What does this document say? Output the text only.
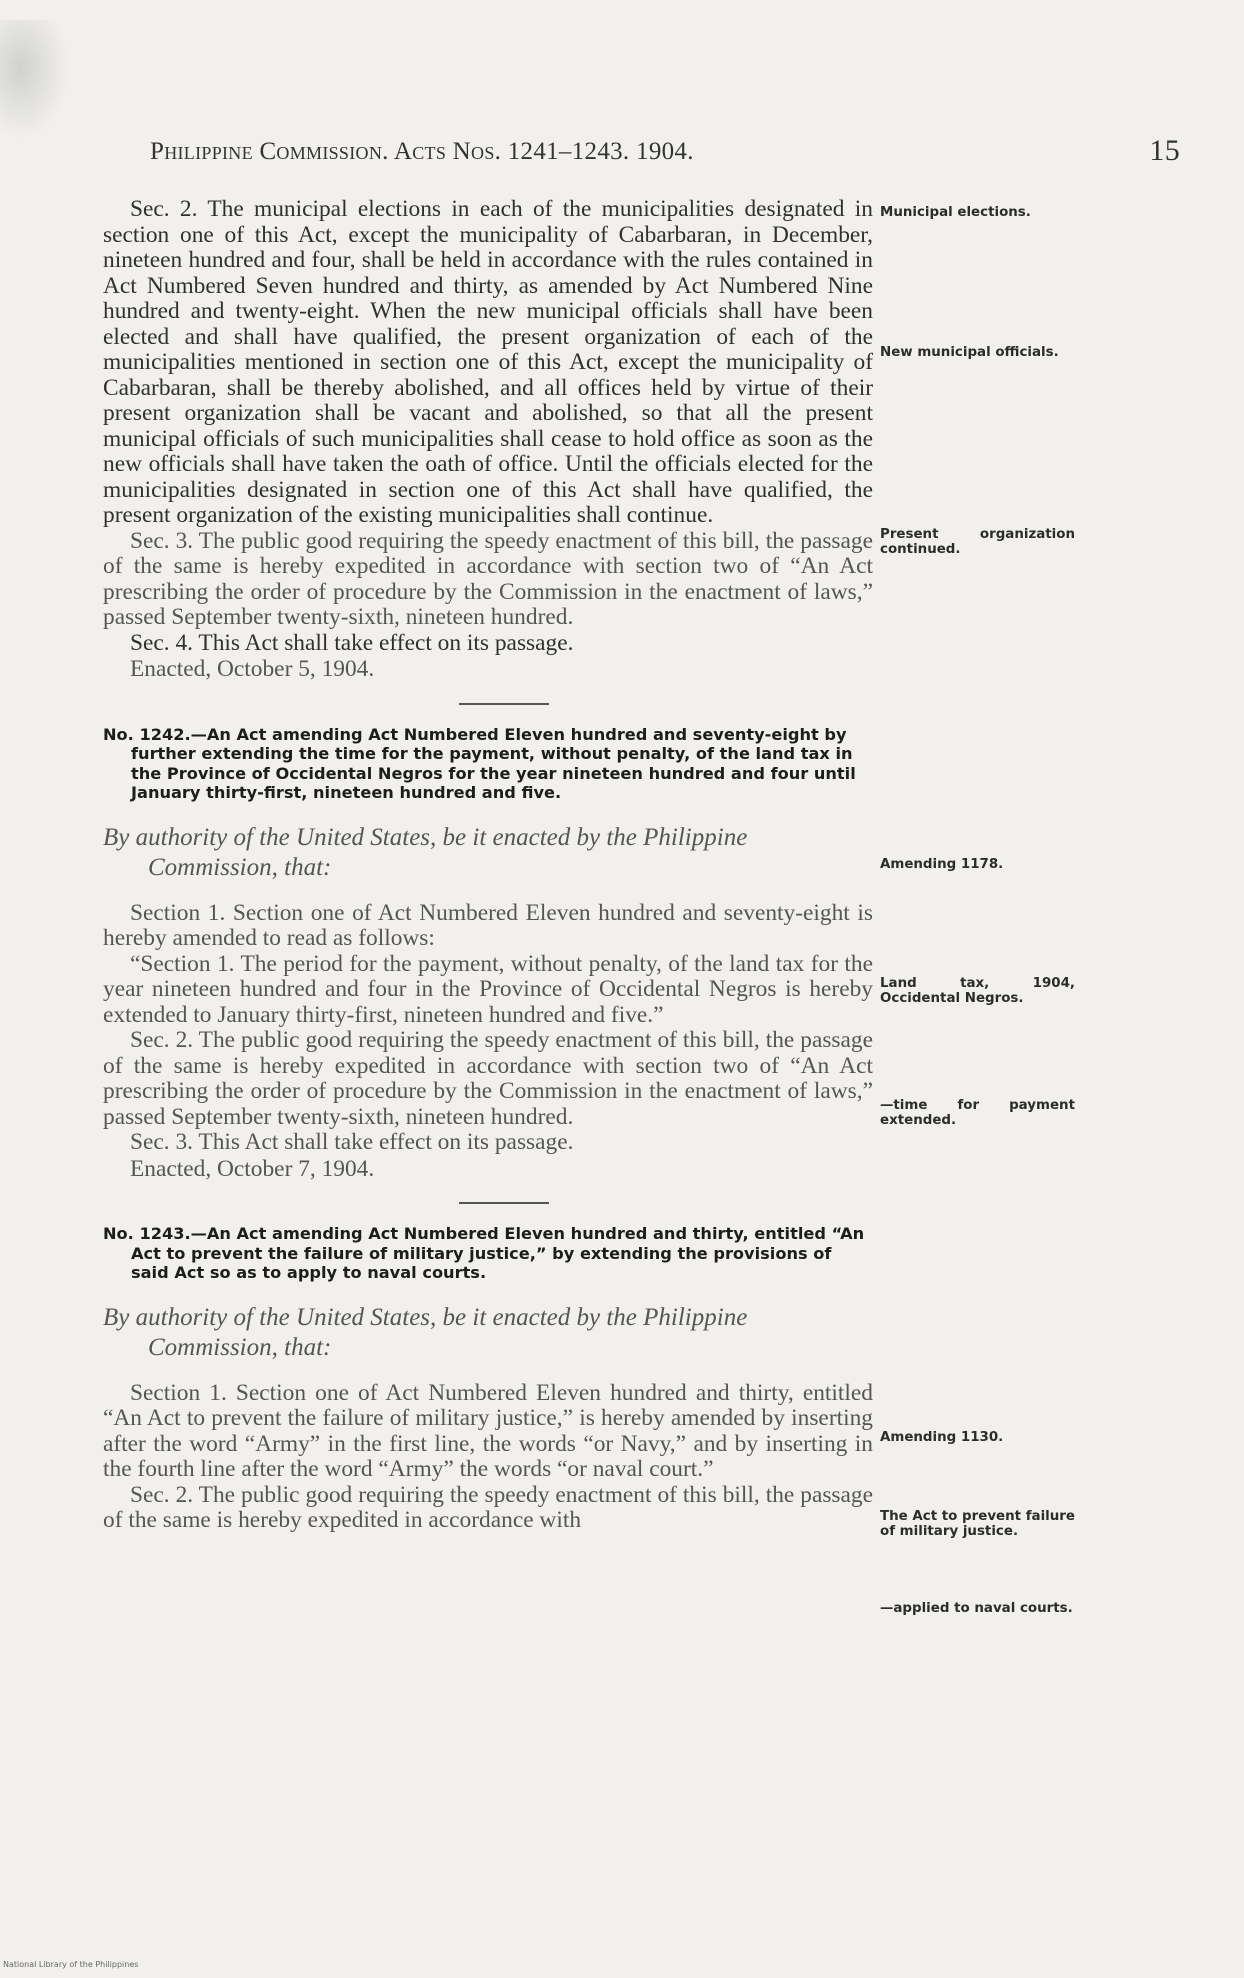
Philippine Commission. Acts Nos. 1241–1243. 1904.	15

Sec. 2. The municipal elections in each of the municipalities designated in section one of this Act, except the municipality of Cabarbaran, in December, nineteen hundred and four, shall be held in accordance with the rules contained in Act Numbered Seven hundred and thirty, as amended by Act Numbered Nine hundred and twenty-eight. When the new municipal officials shall have been elected and shall have qualified, the present organization of each of the municipalities mentioned in section one of this Act, except the municipality of Cabarbaran, shall be thereby abolished, and all offices held by virtue of their present organization shall be vacant and abolished, so that all the present municipal officials of such municipalities shall cease to hold office as soon as the new officials shall have taken the oath of office. Until the officials elected for the municipalities designated in section one of this Act shall have qualified, the present organization of the existing municipalities shall continue.

Sec. 3. The public good requiring the speedy enactment of this bill, the passage of the same is hereby expedited in accordance with section two of “An Act prescribing the order of procedure by the Commission in the enactment of laws,” passed September twenty-sixth, nineteen hundred.

Sec. 4. This Act shall take effect on its passage.

Enacted, October 5, 1904.

No. 1242.—An Act amending Act Numbered Eleven hundred and seventy-eight by further extending the time for the payment, without penalty, of the land tax in the Province of Occidental Negros for the year nineteen hundred and four until January thirty-first, nineteen hundred and five.
By authority of the United States, be it enacted by the Philippine
Commission, that:

Section 1. Section one of Act Numbered Eleven hundred and seventy-eight is hereby amended to read as follows:

“Section 1. The period for the payment, without penalty, of the land tax for the year nineteen hundred and four in the Province of Occidental Negros is hereby extended to January thirty-first, nineteen hundred and five.”

Sec. 2. The public good requiring the speedy enactment of this bill, the passage of the same is hereby expedited in accordance with section two of “An Act prescribing the order of procedure by the Commission in the enactment of laws,” passed September twenty-sixth, nineteen hundred.

Sec. 3. This Act shall take effect on its passage.

Enacted, October 7, 1904.

No. 1243.—An Act amending Act Numbered Eleven hundred and thirty, entitled “An Act to prevent the failure of military justice,” by extending the provisions of said Act so as to apply to naval courts.
By authority of the United States, be it enacted by the Philippine
Commission, that:

Section 1. Section one of Act Numbered Eleven hundred and thirty, entitled “An Act to prevent the failure of military justice,” is hereby amended by inserting after the word “Army” in the first line, the words “or Navy,” and by inserting in the fourth line after the word “Army” the words “or naval court.”

Sec. 2. The public good requiring the speedy enactment of this bill, the passage of the same is hereby expedited in accordance with

Municipal elections.
New municipal officials.
Present organization continued.
Amending 1178.
Land tax, 1904, Occidental Negros.
—time for payment extended.
Amending 1130.
The Act to prevent failure of military justice.
—applied to naval courts.
National Library of the Philippines
